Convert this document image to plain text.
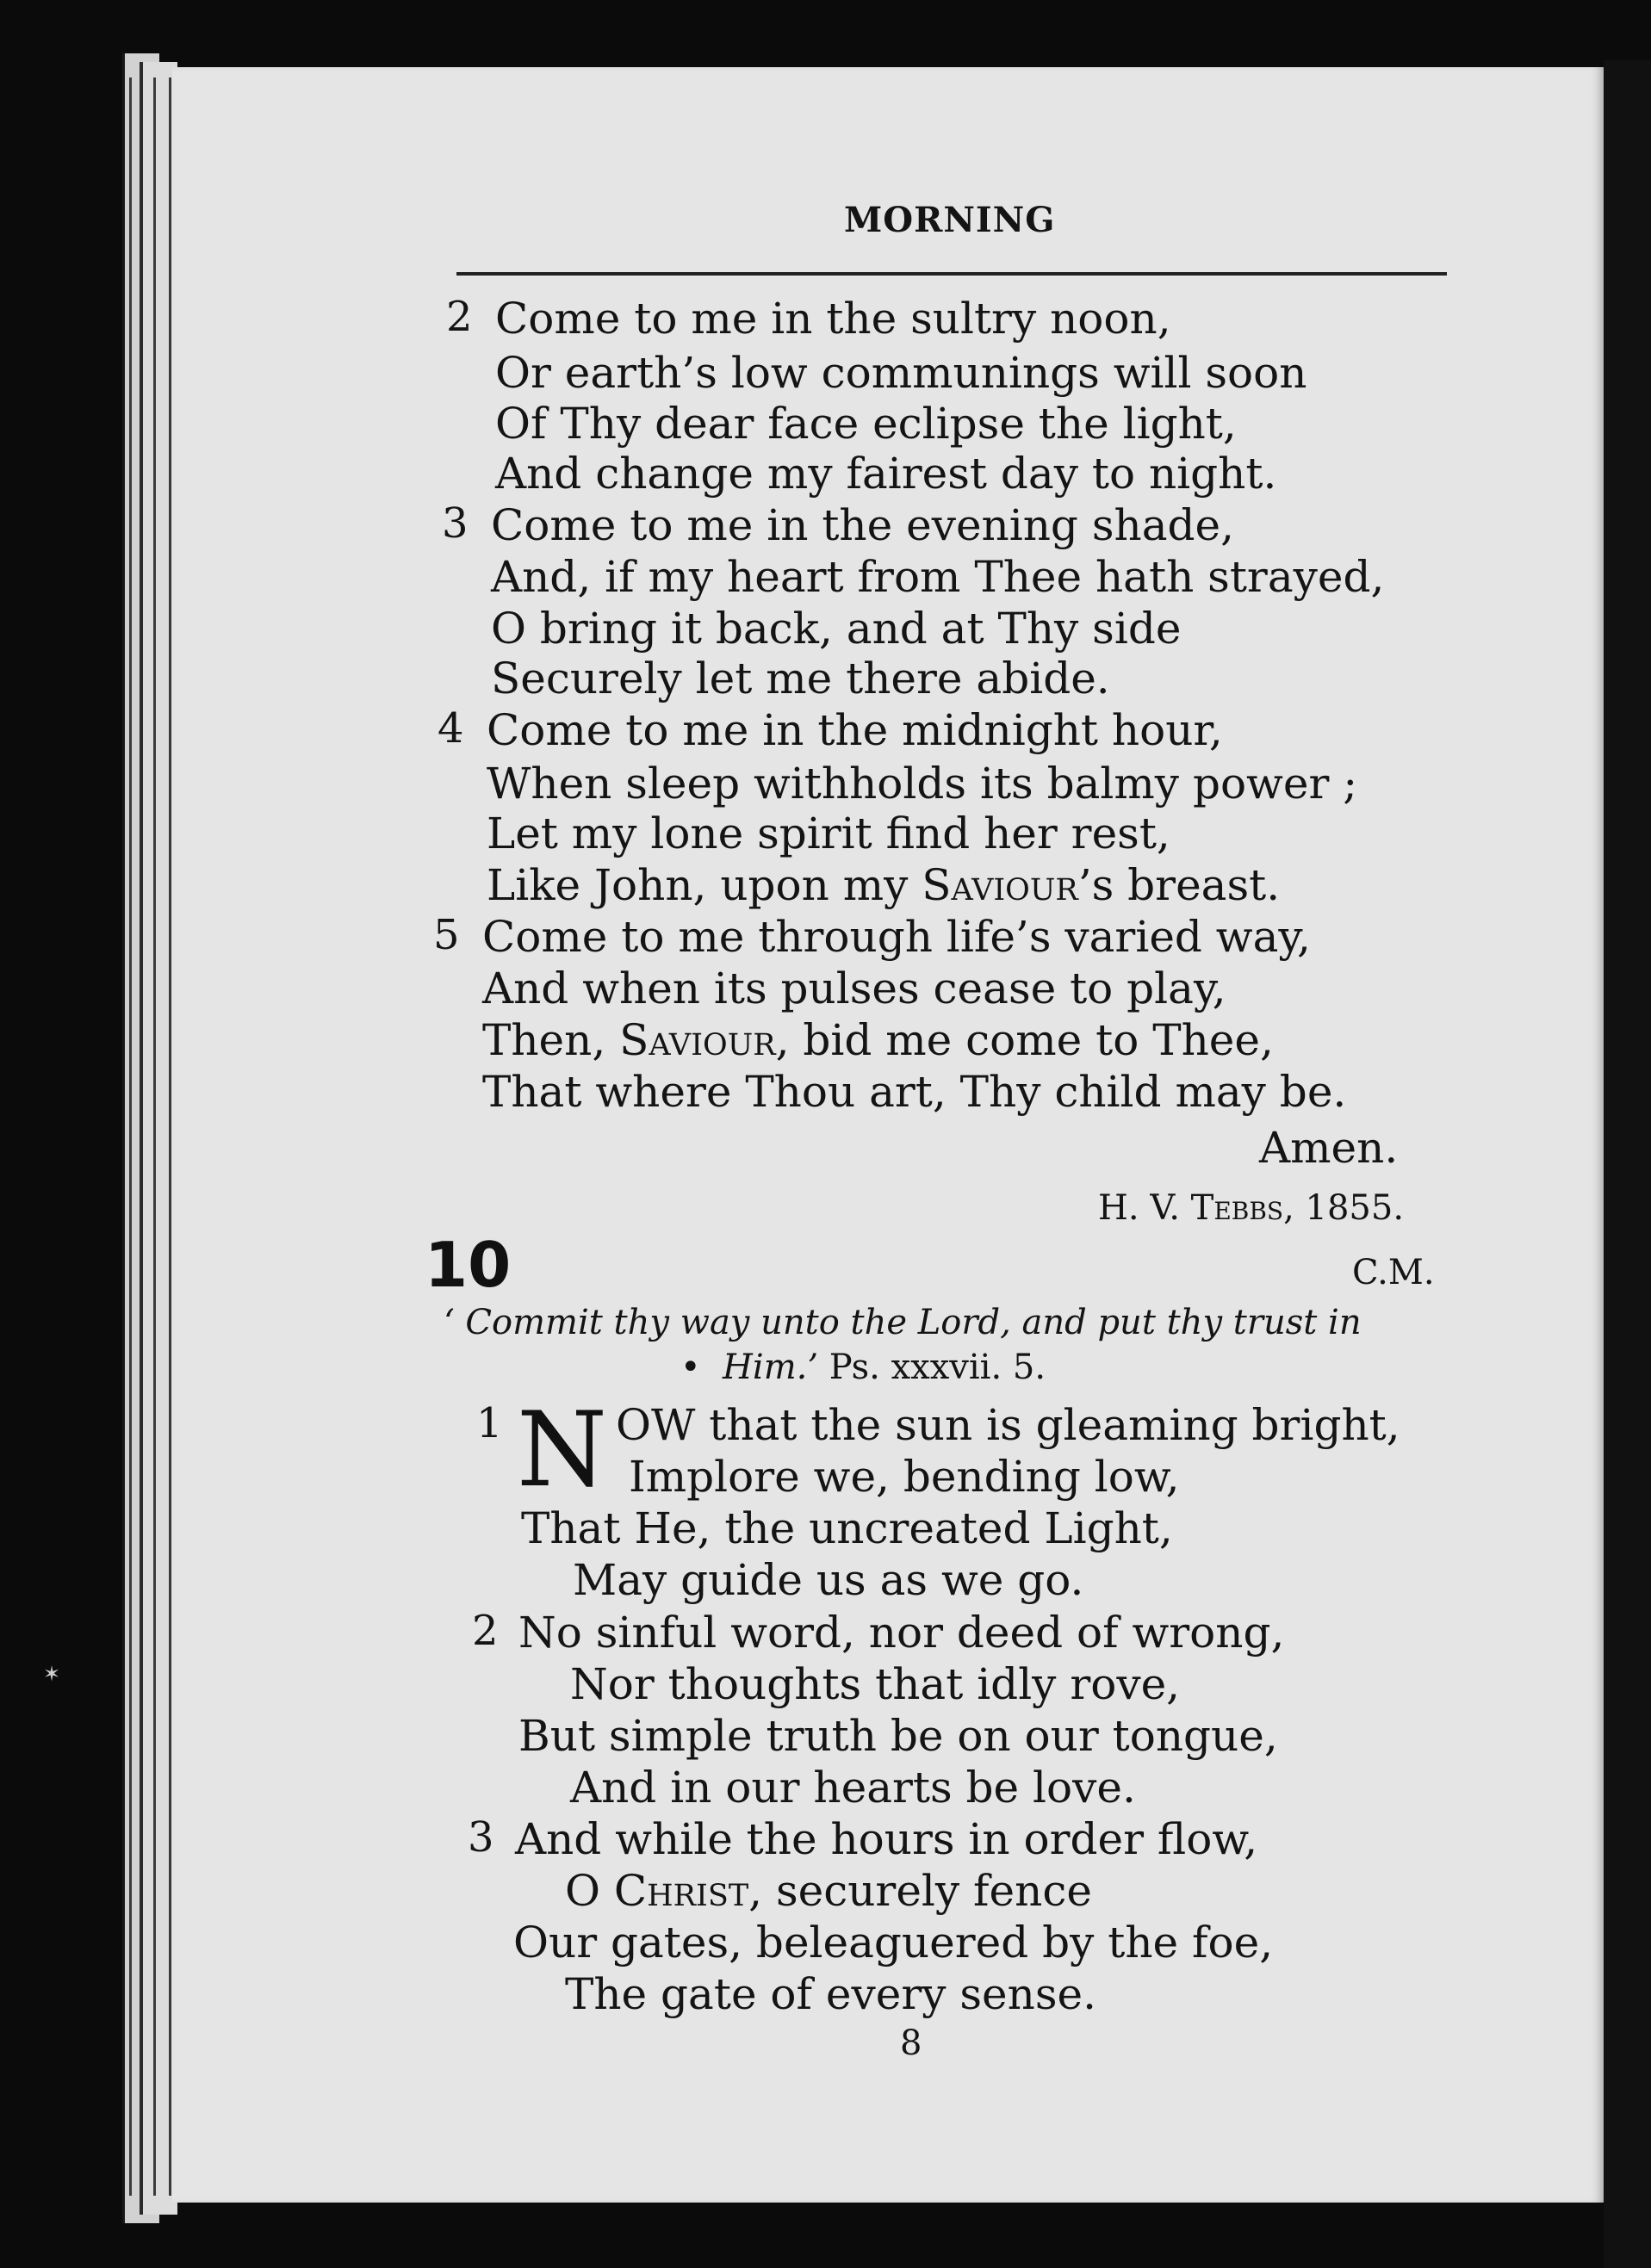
✶
MORNING
2 Come to me in the sultry noon,
Or earth’s low communings will soon
Of Thy dear face eclipse the light,
And change my fairest day to night.
3 Come to me in the evening shade,
And, if my heart from Thee hath strayed,
O bring it back, and at Thy side
Securely let me there abide.
4 Come to me in the midnight hour,
When sleep withholds its balmy power ;
Let my lone spirit find her rest,
Like John, upon my Saviour’s breast.
5 Come to me through life’s varied way,
And when its pulses cease to play,
Then, Saviour, bid me come to Thee,
That where Thou art, Thy child may be.
Amen.
H. V. Tebbs, 1855.
10	C.M.
‘ Commit thy way unto the Lord, and put thy trust in
•  Him.’ Ps. xxxvii. 5.
1 N OW that the sun is gleaming bright,
Implore we, bending low,
That He, the uncreated Light,
May guide us as we go.
2 No sinful word, nor deed of wrong,
Nor thoughts that idly rove,
But simple truth be on our tongue,
And in our hearts be love.
3 And while the hours in order flow,
O Christ, securely fence
Our gates, beleaguered by the foe,
The gate of every sense.
8
